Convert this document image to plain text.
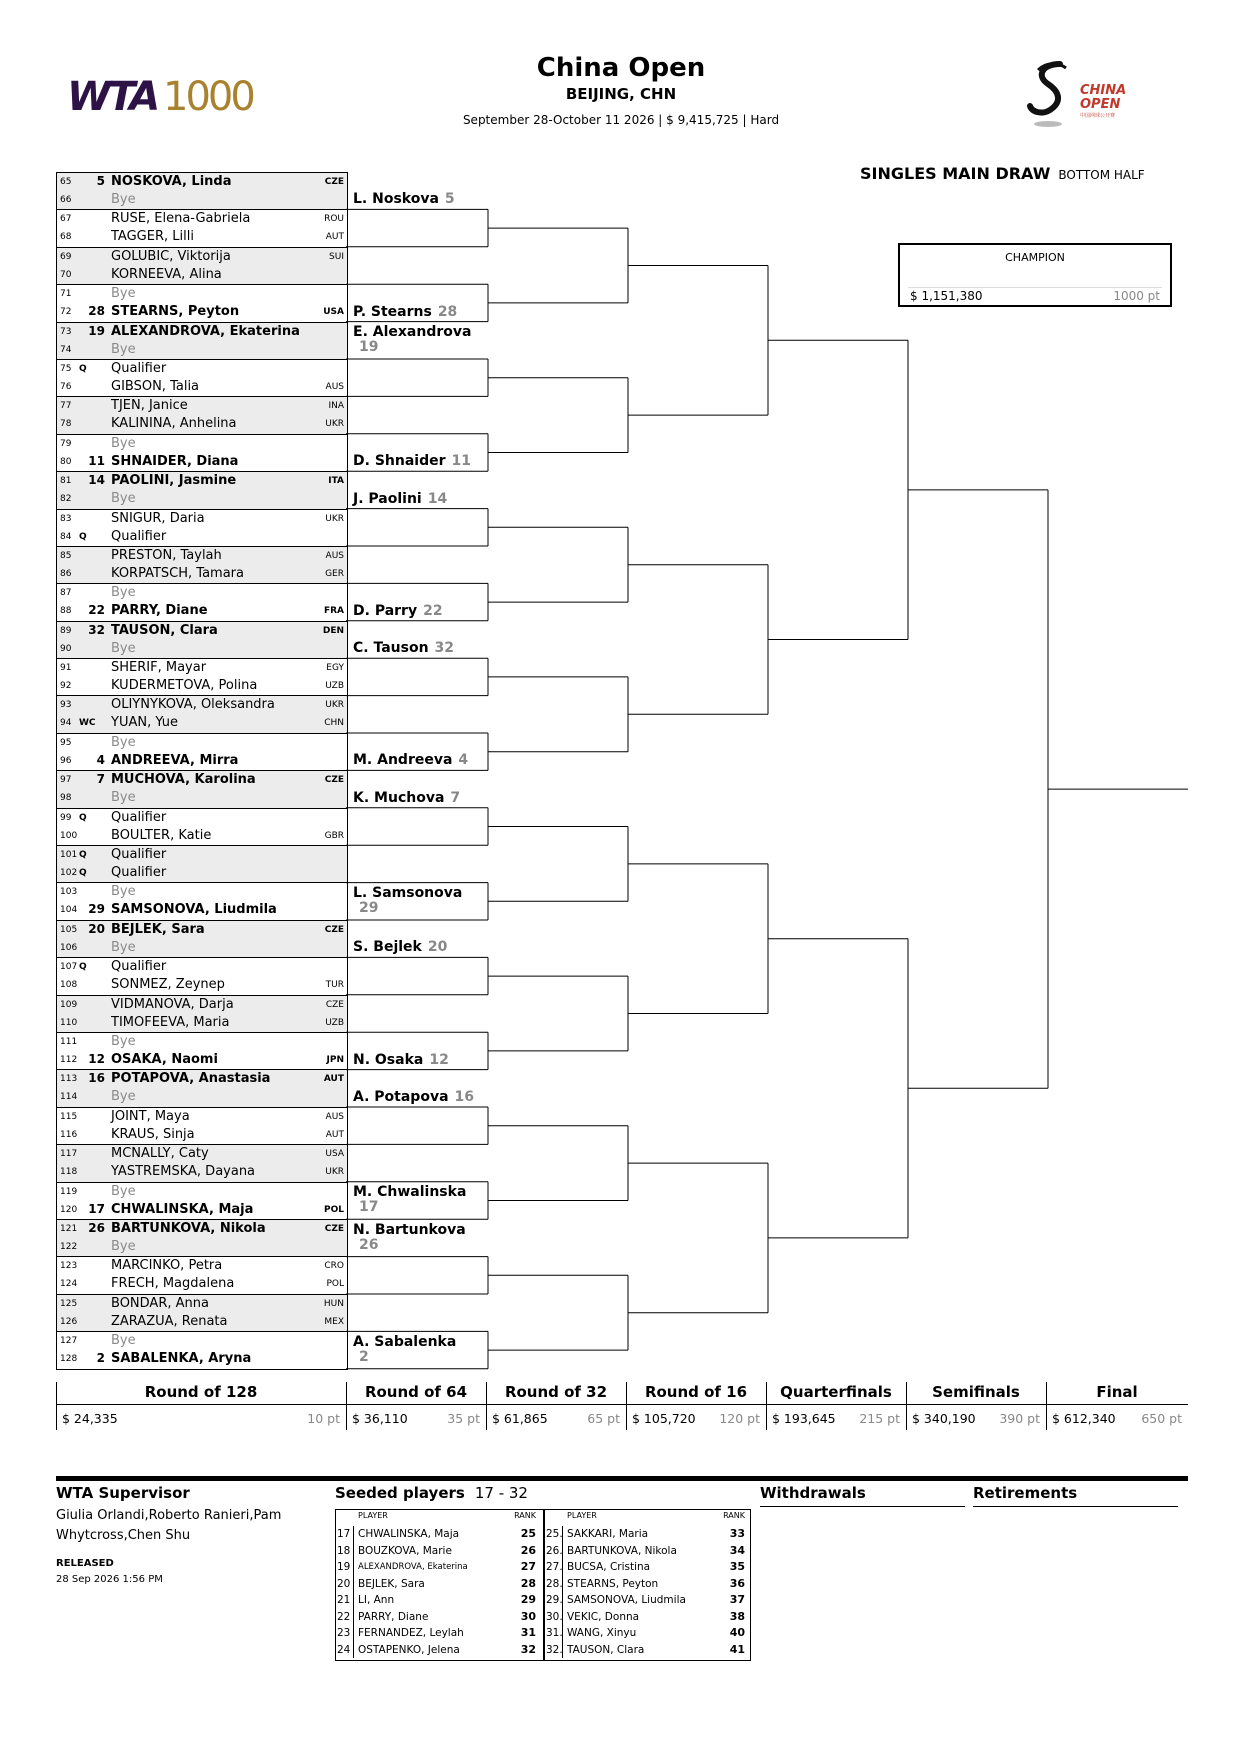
WTA 1000
China Open
BEIJING, CHN
September 28-October 11 2026 | $ 9,415,725 | Hard
CHINA
OPEN
中国网球公开赛
SINGLES MAIN DRAW BOTTOM HALF
CHAMPION
$ 1,151,380	1000 pt
65	5 NOSKOVA, Linda	CZE
66	Bye
67	RUSE, Elena-Gabriela	ROU
68	TAGGER, Lilli	AUT
69	GOLUBIC, Viktorija	SUI
70	KORNEEVA, Alina
71	Bye
72	28 STEARNS, Peyton	USA
73	19 ALEXANDROVA, Ekaterina
74	Bye
75 Q Qualifier
76	GIBSON, Talia	AUS
77	TJEN, Janice	INA
78	KALININA, Anhelina	UKR
79	Bye
80	11 SHNAIDER, Diana
81	14 PAOLINI, Jasmine	ITA
82	Bye
83	SNIGUR, Daria	UKR
84 Q Qualifier
85	PRESTON, Taylah	AUS
86	KORPATSCH, Tamara	GER
87	Bye
88	22 PARRY, Diane	FRA
89	32 TAUSON, Clara	DEN
90	Bye
91	SHERIF, Mayar	EGY
92	KUDERMETOVA, Polina	UZB
93	OLIYNYKOVA, Oleksandra	UKR
94 WC YUAN, Yue	CHN
95	Bye
96	4 ANDREEVA, Mirra
97	7 MUCHOVA, Karolina	CZE
98	Bye
99 Q Qualifier
100	BOULTER, Katie	GBR
101 Q Qualifier
102 Q Qualifier
103	Bye
104 29 SAMSONOVA, Liudmila
105 20 BEJLEK, Sara	CZE
106	Bye
107 Q Qualifier
108	SONMEZ, Zeynep	TUR
109	VIDMANOVA, Darja	CZE
110	TIMOFEEVA, Maria	UZB
111	Bye
112 12 OSAKA, Naomi	JPN
113 16 POTAPOVA, Anastasia	AUT
114	Bye
115	JOINT, Maya	AUS
116	KRAUS, Sinja	AUT
117	MCNALLY, Caty	USA
118	YASTREMSKA, Dayana	UKR
119	Bye
120 17 CHWALINSKA, Maja	POL
121 26 BARTUNKOVA, Nikola	CZE
122	Bye
123	MARCINKO, Petra	CRO
124	FRECH, Magdalena	POL
125	BONDAR, Anna	HUN
126	ZARAZUA, Renata	MEX
127	Bye
128	2 SABALENKA, Aryna
L. Noskova 5
P. Stearns 28
E. Alexandrova
19
D. Shnaider 11
J. Paolini 14
D. Parry 22
C. Tauson 32
M. Andreeva 4
K. Muchova 7
L. Samsonova
29
S. Bejlek 20
N. Osaka 12
A. Potapova 16
M. Chwalinska
17
N. Bartunkova
26
A. Sabalenka
2
Round of 128
$ 24,335	10 pt
Round of 64
$ 36,110	35 pt
Round of 32
$ 61,865	65 pt
Round of 16
$ 105,720 120 pt
Quarterfinals
$ 193,645 215 pt
Semifinals
$ 340,190 390 pt
Final
$ 612,340 650 pt
WTA Supervisor
Giulia Orlandi,Roberto Ranieri,Pam Whytcross,Chen Shu
RELEASED
28 Sep 2026 1:56 PM
Seeded players 17 - 32
PLAYER	RANK
17 CHWALINSKA, Maja	25
18 BOUZKOVA, Marie	26
19 ALEXANDROVA, Ekaterina	27
20 BEJLEK, Sara	28
21 LI, Ann	29
22 PARRY, Diane	30
23 FERNANDEZ, Leylah	31
24 OSTAPENKO, Jelena	32
PLAYER	RANK
25. SAKKARI, Maria	33
26. BARTUNKOVA, Nikola	34
27. BUCSA, Cristina	35
28. STEARNS, Peyton	36
29. SAMSONOVA, Liudmila	37
30. VEKIC, Donna	38
31. WANG, Xinyu	40
32. TAUSON, Clara	41
Withdrawals	Retirements
